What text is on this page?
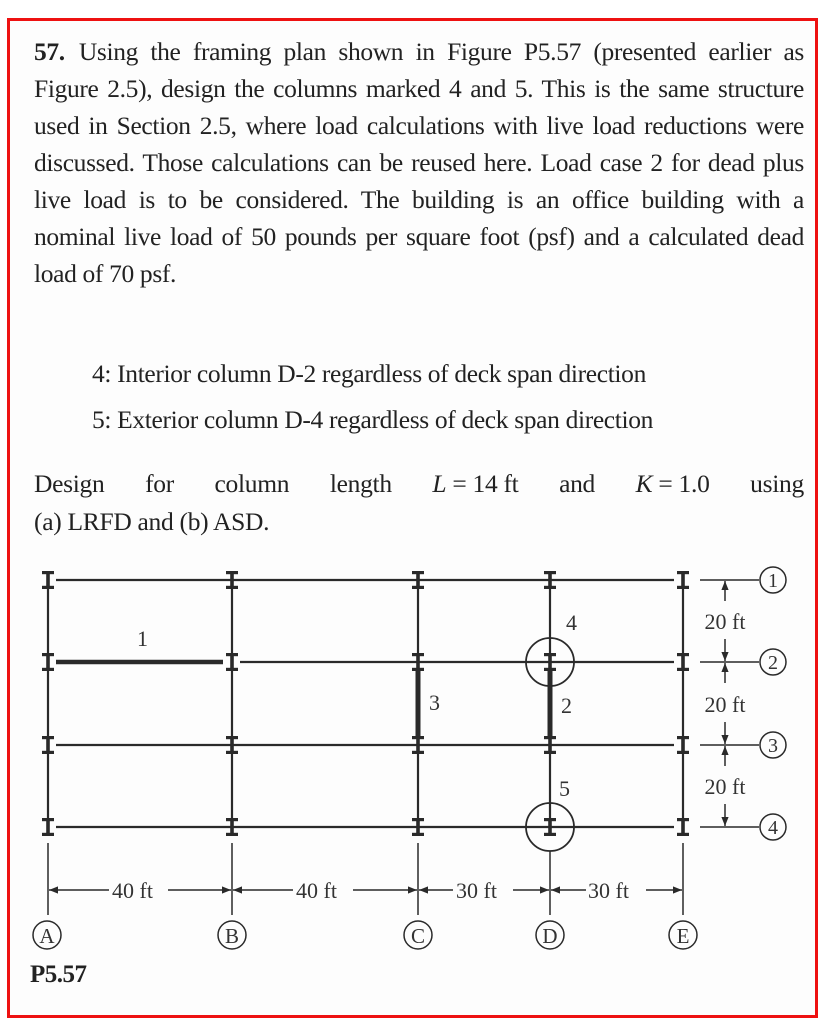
57. Using the framing plan shown in Figure P5.57 (presented earlier as Figure 2.5), design the columns marked 4 and 5. This is the same structure used in Section 2.5, where load calculations with live load reductions were discussed. Those calculations can be reused here. Load case 2 for dead plus live load is to be considered. The building is an office building with a nominal live load of 50 pounds per square foot (psf) and a calculated dead load of 70 psf.
4: Interior column D-2 regardless of deck span direction
5: Exterior column D-4 regardless of deck span direction
Design for column length L = 14 ft and K = 1.0 using
(a) LRFD and (b) ASD.
1
3	2
4
5
40 ft	40 ft	30 ft	30 ft
A	B	C	D	E
20 ft
20 ft
20 ft
1
2
3
4
P5.57
